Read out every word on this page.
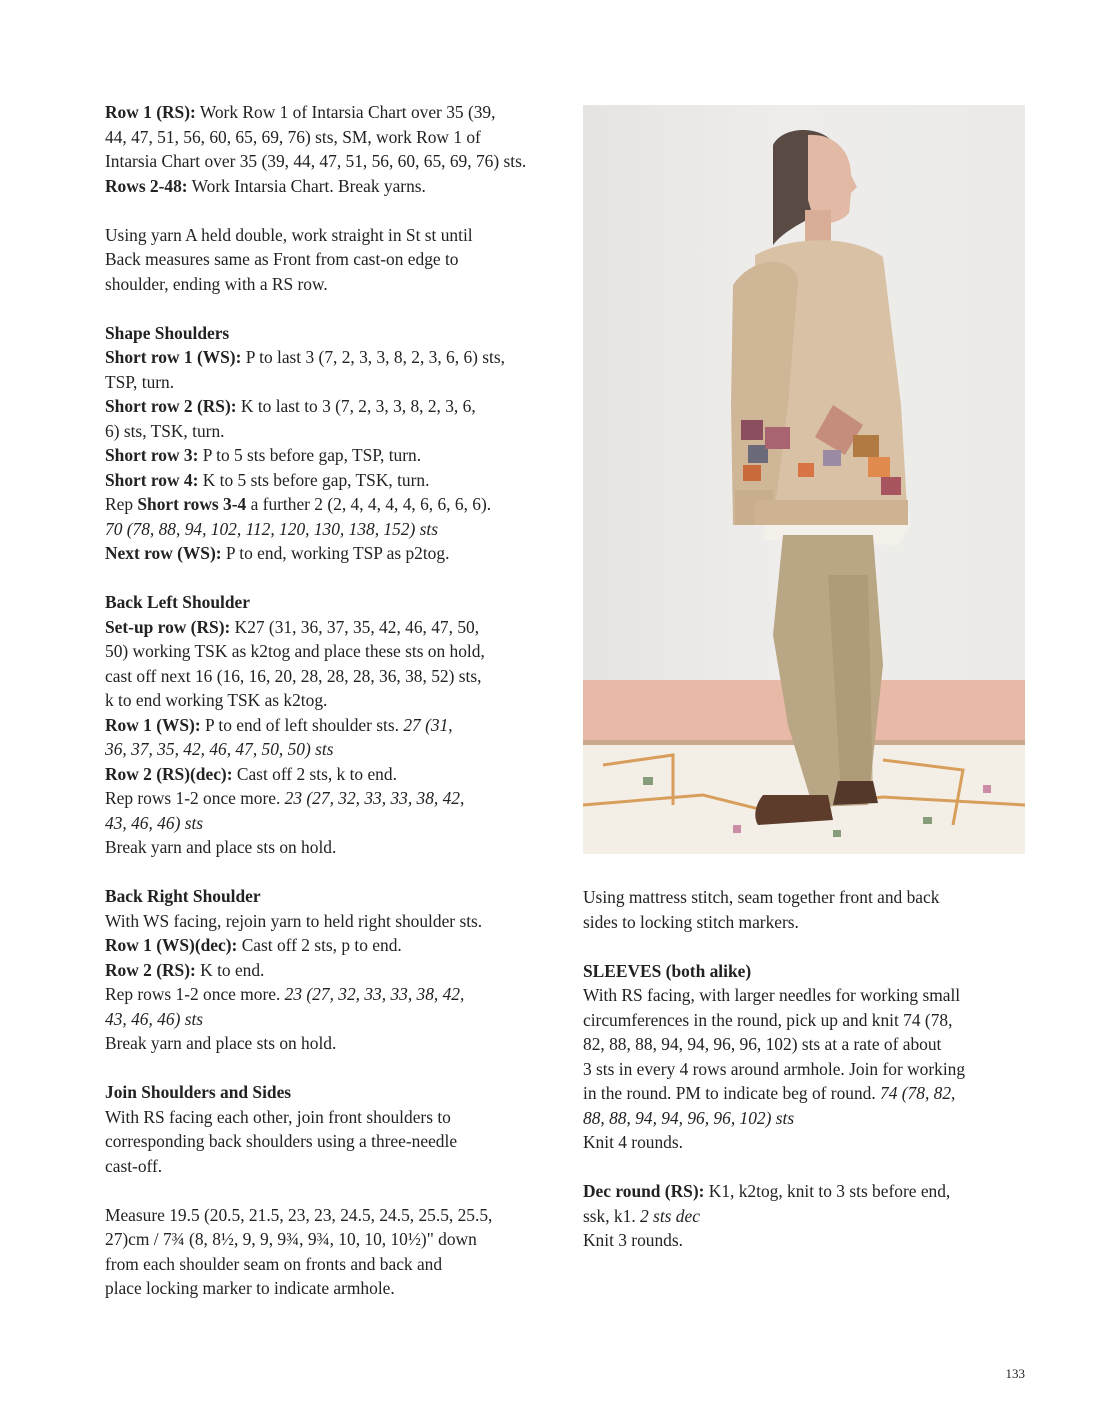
Row 1 (RS): Work Row 1 of Intarsia Chart over 35 (39,
44, 47, 51, 56, 60, 65, 69, 76) sts, SM, work Row 1 of
Intarsia Chart over 35 (39, 44, 47, 51, 56, 60, 65, 69, 76) sts.
Rows 2-48: Work Intarsia Chart. Break yarns.
Using yarn A held double, work straight in St st until
Back measures same as Front from cast-on edge to
shoulder, ending with a RS row.
Shape Shoulders
Short row 1 (WS): P to last 3 (7, 2, 3, 3, 8, 2, 3, 6, 6) sts,
TSP, turn.
Short row 2 (RS): K to last to 3 (7, 2, 3, 3, 8, 2, 3, 6,
6) sts, TSK, turn.
Short row 3: P to 5 sts before gap, TSP, turn.
Short row 4: K to 5 sts before gap, TSK, turn.
Rep Short rows 3-4 a further 2 (2, 4, 4, 4, 4, 6, 6, 6, 6).
70 (78, 88, 94, 102, 112, 120, 130, 138, 152) sts
Next row (WS): P to end, working TSP as p2tog.
Back Left Shoulder
Set-up row (RS): K27 (31, 36, 37, 35, 42, 46, 47, 50,
50) working TSK as k2tog and place these sts on hold,
cast off next 16 (16, 16, 20, 28, 28, 28, 36, 38, 52) sts,
k to end working TSK as k2tog.
Row 1 (WS): P to end of left shoulder sts. 27 (31,
36, 37, 35, 42, 46, 47, 50, 50) sts
Row 2 (RS)(dec): Cast off 2 sts, k to end.
Rep rows 1-2 once more. 23 (27, 32, 33, 33, 38, 42,
43, 46, 46) sts
Break yarn and place sts on hold.
Back Right Shoulder
With WS facing, rejoin yarn to held right shoulder sts.
Row 1 (WS)(dec): Cast off 2 sts, p to end.
Row 2 (RS): K to end.
Rep rows 1-2 once more. 23 (27, 32, 33, 33, 38, 42,
43, 46, 46) sts
Break yarn and place sts on hold.
Join Shoulders and Sides
With RS facing each other, join front shoulders to
corresponding back shoulders using a three-needle
cast-off.
Measure 19.5 (20.5, 21.5, 23, 23, 24.5, 24.5, 25.5, 25.5,
27)cm / 7¾ (8, 8½, 9, 9, 9¾, 9¾, 10, 10, 10½)" down
from each shoulder seam on fronts and back and
place locking marker to indicate armhole.
Using mattress stitch, seam together front and back
sides to locking stitch markers.
SLEEVES (both alike)
With RS facing, with larger needles for working small
circumferences in the round, pick up and knit 74 (78,
82, 88, 88, 94, 94, 96, 96, 102) sts at a rate of about
3 sts in every 4 rows around armhole. Join for working
in the round. PM to indicate beg of round. 74 (78, 82,
88, 88, 94, 94, 96, 96, 102) sts
Knit 4 rounds.
Dec round (RS): K1, k2tog, knit to 3 sts before end,
ssk, k1. 2 sts dec
Knit 3 rounds.
133
